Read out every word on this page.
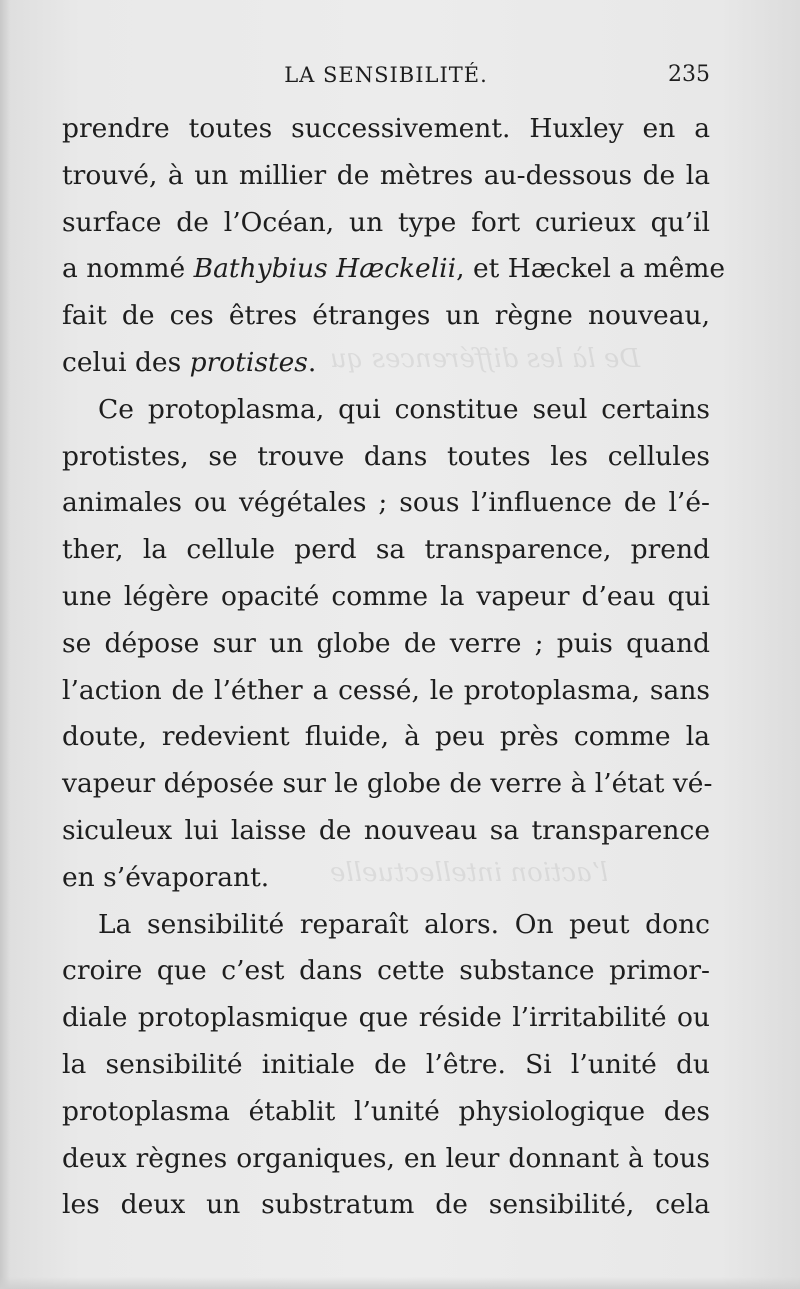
De là les différences qu
l’action intellectuelle
LA SENSIBILITÉ.	235
prendre toutes successivement. Huxley en a
trouvé, à un millier de mètres au-dessous de la
surface de l’Océan, un type fort curieux qu’il
a nommé Bathybius Hæckelii, et Hæckel a même
fait de ces êtres étranges un règne nouveau,
celui des protistes.
Ce protoplasma, qui constitue seul certains
protistes, se trouve dans toutes les cellules
animales ou végétales ; sous l’influence de l’é-
ther, la cellule perd sa transparence, prend
une légère opacité comme la vapeur d’eau qui
se dépose sur un globe de verre ; puis quand
l’action de l’éther a cessé, le protoplasma, sans
doute, redevient fluide, à peu près comme la
vapeur déposée sur le globe de verre à l’état vé-
siculeux lui laisse de nouveau sa transparence
en s’évaporant.
La sensibilité reparaît alors. On peut donc
croire que c’est dans cette substance primor-
diale protoplasmique que réside l’irritabilité ou
la sensibilité initiale de l’être. Si l’unité du
protoplasma établit l’unité physiologique des
deux règnes organiques, en leur donnant à tous
les deux un substratum de sensibilité, cela
